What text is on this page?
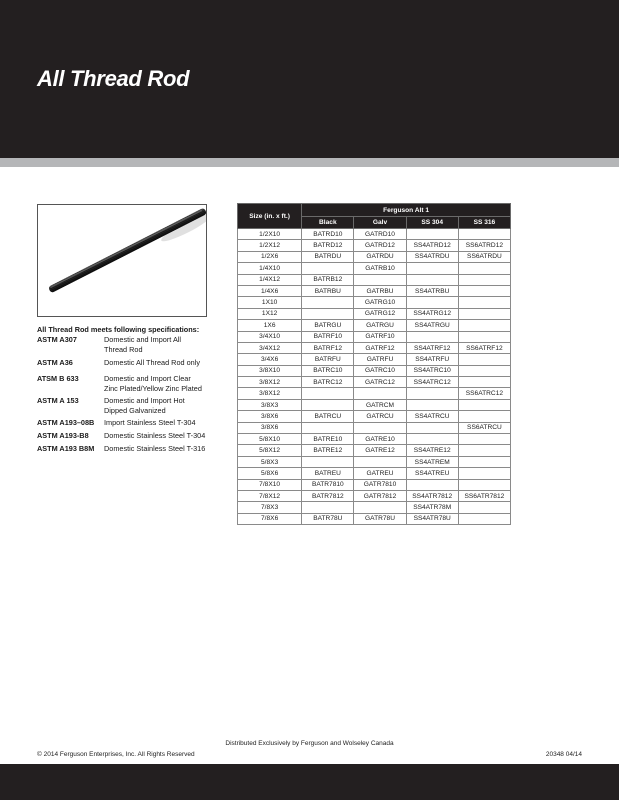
All Thread Rod
All Thread Rod meets following specifications:
ASTM A307	Domestic and Import All
Thread Rod
ASTM A36	Domestic All Thread Rod only
ATSM B 633	Domestic and Import Clear
Zinc Plated/Yellow Zinc Plated
ASTM A 153	Domestic and Import Hot
Dipped Galvanized
ASTM A193–08B	Import Stainless Steel T-304
ASTM A193-B8	Domestic Stainless Steel T-304
ASTM A193 B8M	Domestic Stainless Steel T-316
Size (in. x ft.)	Ferguson Alt 1			
	Black	Galv	SS 304	SS 316
1/2X10	BATRD10	GATRD10		
1/2X12	BATRD12	GATRD12	SS4ATRD12	SS6ATRD12
1/2X6	BATRDU	GATRDU	SS4ATRDU	SS6ATRDU
1/4X10		GATRB10		
1/4X12	BATRB12			
1/4X6	BATRBU	GATRBU	SS4ATRBU	
1X10		GATRG10		
1X12		GATRG12	SS4ATRG12	
1X6	BATRGU	GATRGU	SS4ATRGU	
3/4X10	BATRF10	GATRF10		
3/4X12	BATRF12	GATRF12	SS4ATRF12	SS6ATRF12
3/4X6	BATRFU	GATRFU	SS4ATRFU	
3/8X10	BATRC10	GATRC10	SS4ATRC10	
3/8X12	BATRC12	GATRC12	SS4ATRC12	
3/8X12				SS6ATRC12
3/8X3		GATRCM		
3/8X6	BATRCU	GATRCU	SS4ATRCU	
3/8X6				SS6ATRCU
5/8X10	BATRE10	GATRE10		
5/8X12	BATRE12	GATRE12	SS4ATRE12	
5/8X3			SS4ATREM	
5/8X6	BATREU	GATREU	SS4ATREU	
7/8X10	BATR7810	GATR7810		
7/8X12	BATR7812	GATR7812	SS4ATR7812	SS6ATR7812
7/8X3			SS4ATR78M	
7/8X6	BATR78U	GATR78U	SS4ATR78U	
Distributed Exclusively by Ferguson and Wolseley Canada
© 2014 Ferguson Enterprises, Inc. All Rights Reserved	20348 04/14
